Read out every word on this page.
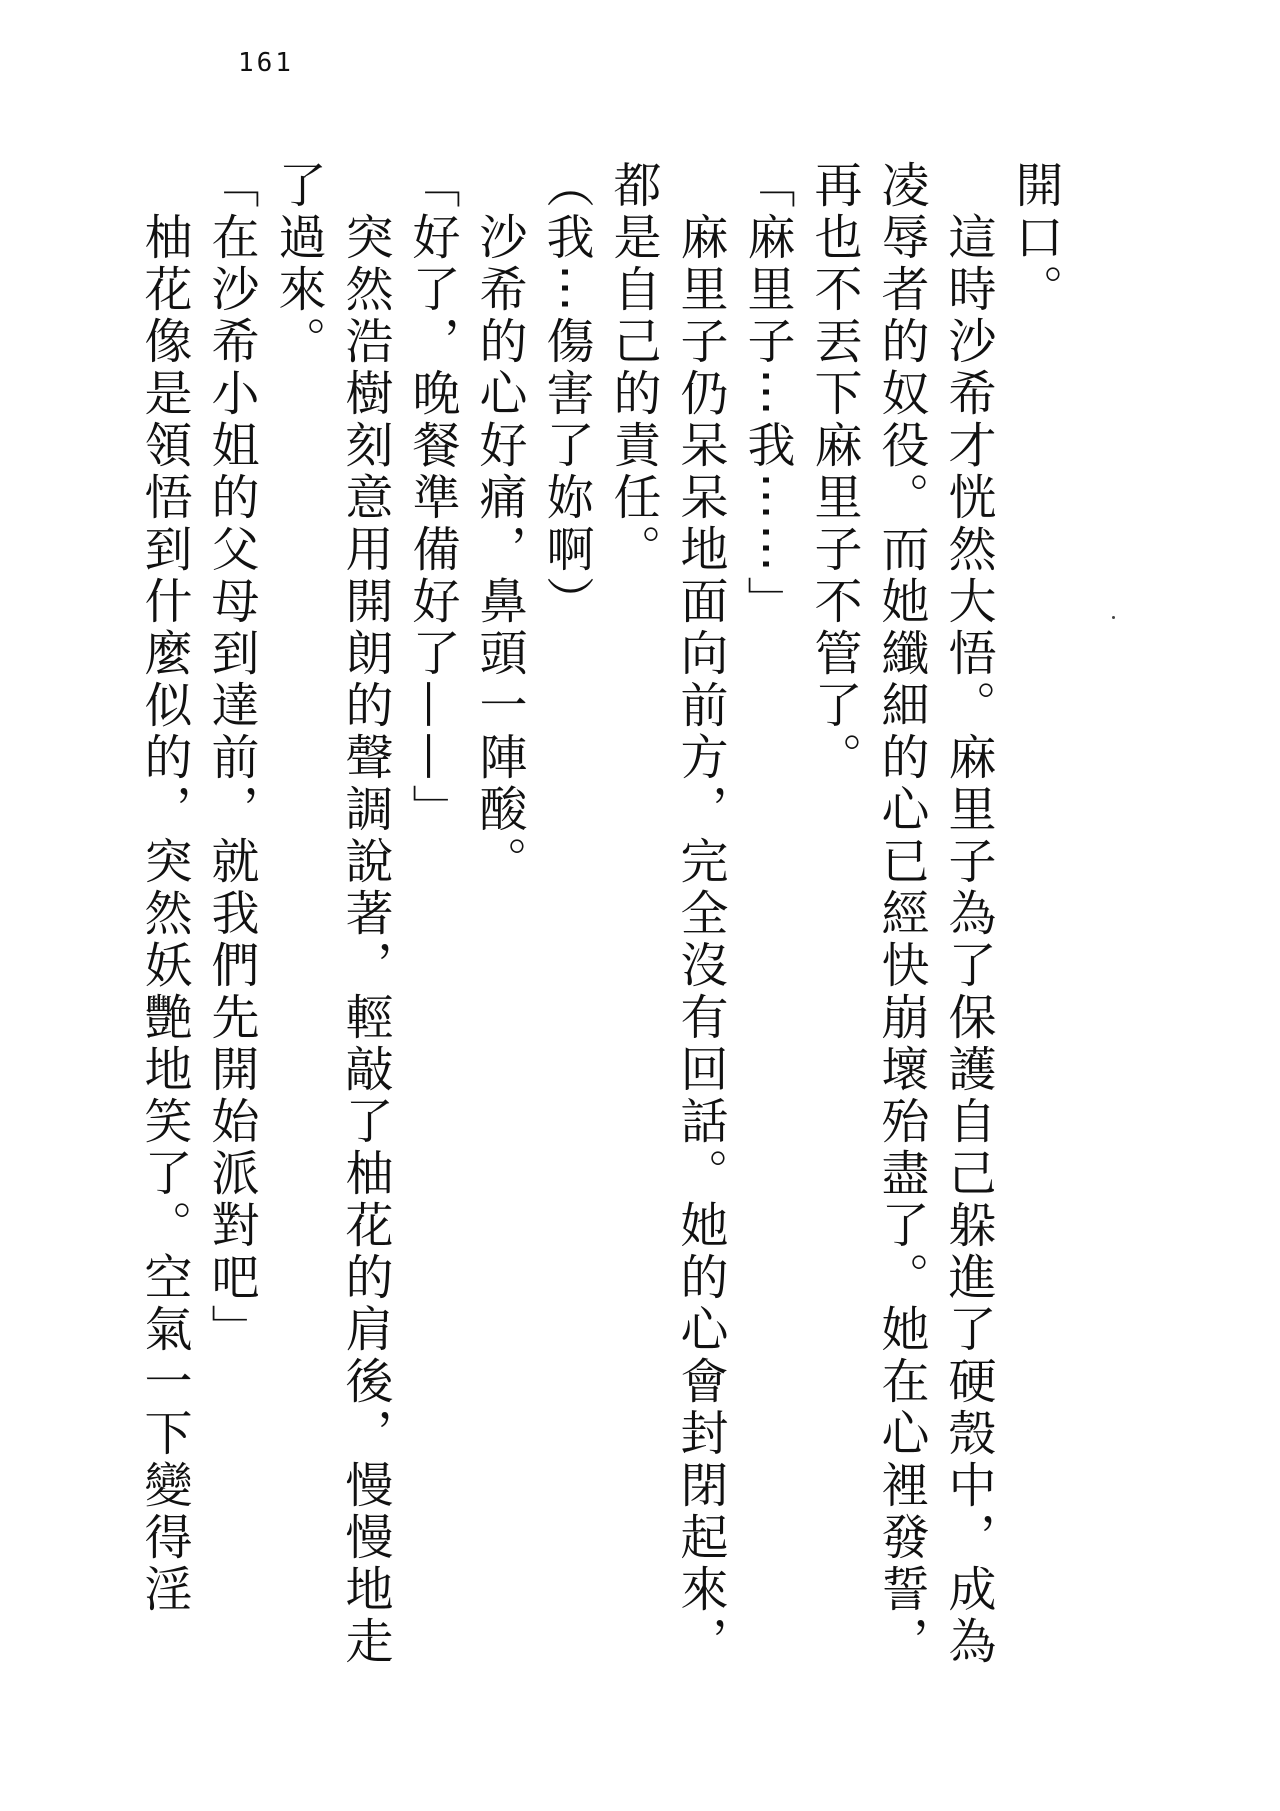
161
開口。
　這時沙希才恍然大悟。麻里子為了保護自己躲進了硬殼中，成為
凌辱者的奴役。而她纖細的心已經快崩壞殆盡了。她在心裡發誓，
再也不丟下麻里子不管了。
「麻里子⋯我⋯⋯」
　麻里子仍呆呆地面向前方，完全沒有回話。她的心會封閉起來，
都是自己的責任。
（我⋯傷害了妳啊）
　沙希的心好痛，鼻頭一陣酸。
「好了，晚餐準備好了——」
　突然浩樹刻意用開朗的聲調說著，輕敲了柚花的肩後，慢慢地走
了過來。
「在沙希小姐的父母到達前，就我們先開始派對吧」
　柚花像是領悟到什麼似的，突然妖艷地笑了。空氣一下變得淫
